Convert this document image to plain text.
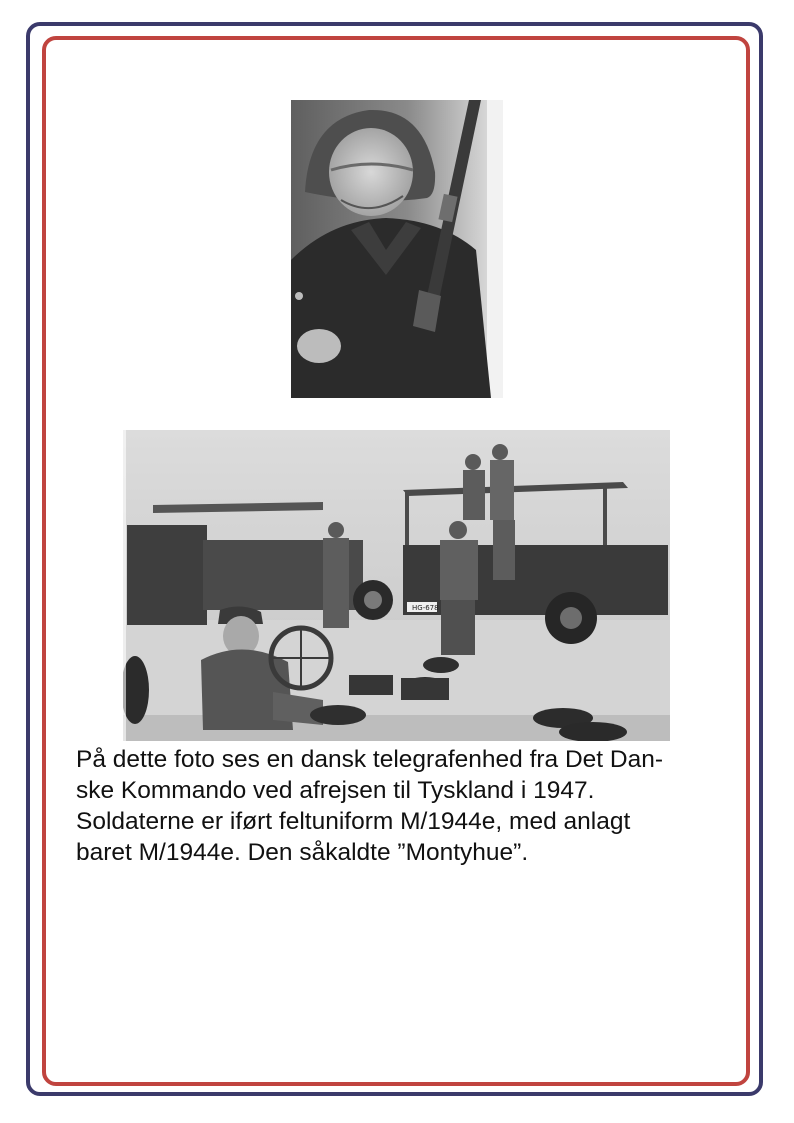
HG-678

På dette foto ses en dansk telegrafenhed fra Det Dan-
ske Kommando ved afrejsen til Tyskland i 1947.
Soldaterne er iført feltuniform M/1944e, med anlagt
baret M/1944e. Den såkaldte ”Montyhue”.
